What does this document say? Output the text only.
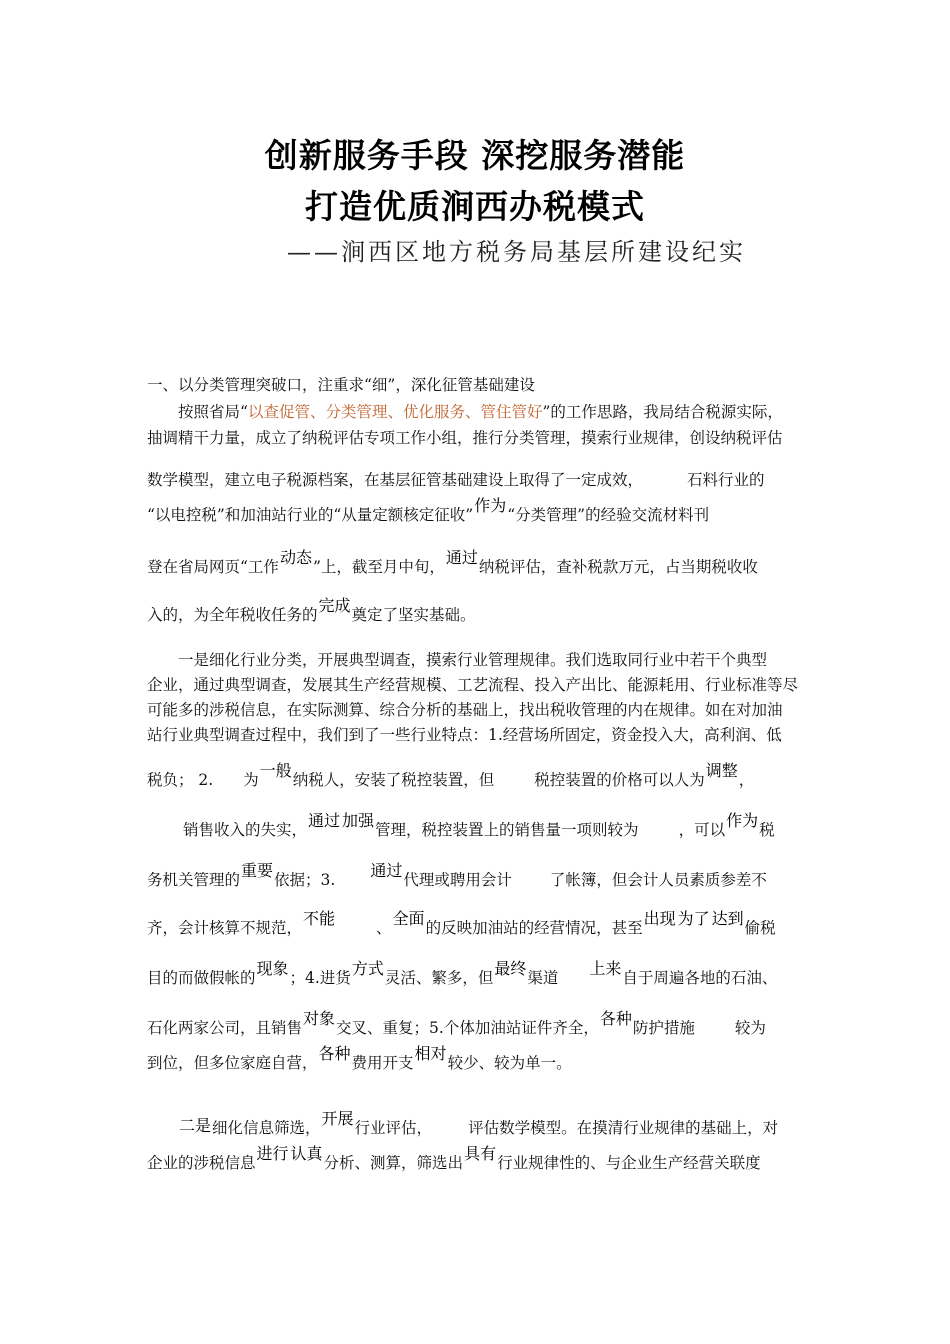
创新服务手段 深挖服务潜能
打造优质涧西办税模式
——涧西区地方税务局基层所建设纪实
一、以分类管理突破口，注重求“细”，深化征管基础建设
按照省局“以查促管、分类管理、优化服务、管住管好”的工作思路，我局结合税源实际，
抽调精干力量，成立了纳税评估专项工作小组，推行分类管理，摸索行业规律，创设纳税评估
数学模型，建立电子税源档案，在基层征管基础建设上取得了一定成效，	石料行业的
“以电控税”和加油站行业的“从量定额核定征收”作为“分类管理”的经验交流材料刊
登在省局网页“工作动态”上，截至月中旬，通过纳税评估，查补税款万元，占当期税收收
入的，为全年税收任务的完成奠定了坚实基础。
一是细化行业分类，开展典型调查，摸索行业管理规律。我们选取同行业中若干个典型
企业，通过典型调查，发展其生产经营规模、工艺流程、投入产出比、能源耗用、行业标准等尽
可能多的涉税信息，在实际测算、综合分析的基础上，找出税收管理的内在规律。如在对加油
站行业典型调查过程中，我们到了一些行业特点：1.经营场所固定，资金投入大，高利润、低
税负； 2. 为一般纳税人，安装了税控装置，但	税控装置的价格可以人为调整，
销售收入的失实，通过 加强管理，税控装置上的销售量一项则较为	，可以作为税
务机关管理的重要依据；3. 通过代理或聘用会计 了帐簿，但会计人员素质参差不
齐，会计核算不规范，不能	、全面的反映加油站的经营情况，甚至出现 为了 达到偷税
目的而做假帐的现象；4.进货方式灵活、繁多，但最终渠道 上来自于周遍各地的石油、
石化两家公司，且销售对象交叉、重复；5.个体加油站证件齐全，各种防护措施	较为
到位，但多位家庭自营，各种费用开支相对较少、较为单一。
二是细化信息筛选，开展行业评估， 评估数学模型。在摸清行业规律的基础上，对
企业的涉税信息进行 认真分析、测算，筛选出具有行业规律性的、与企业生产经营关联度
